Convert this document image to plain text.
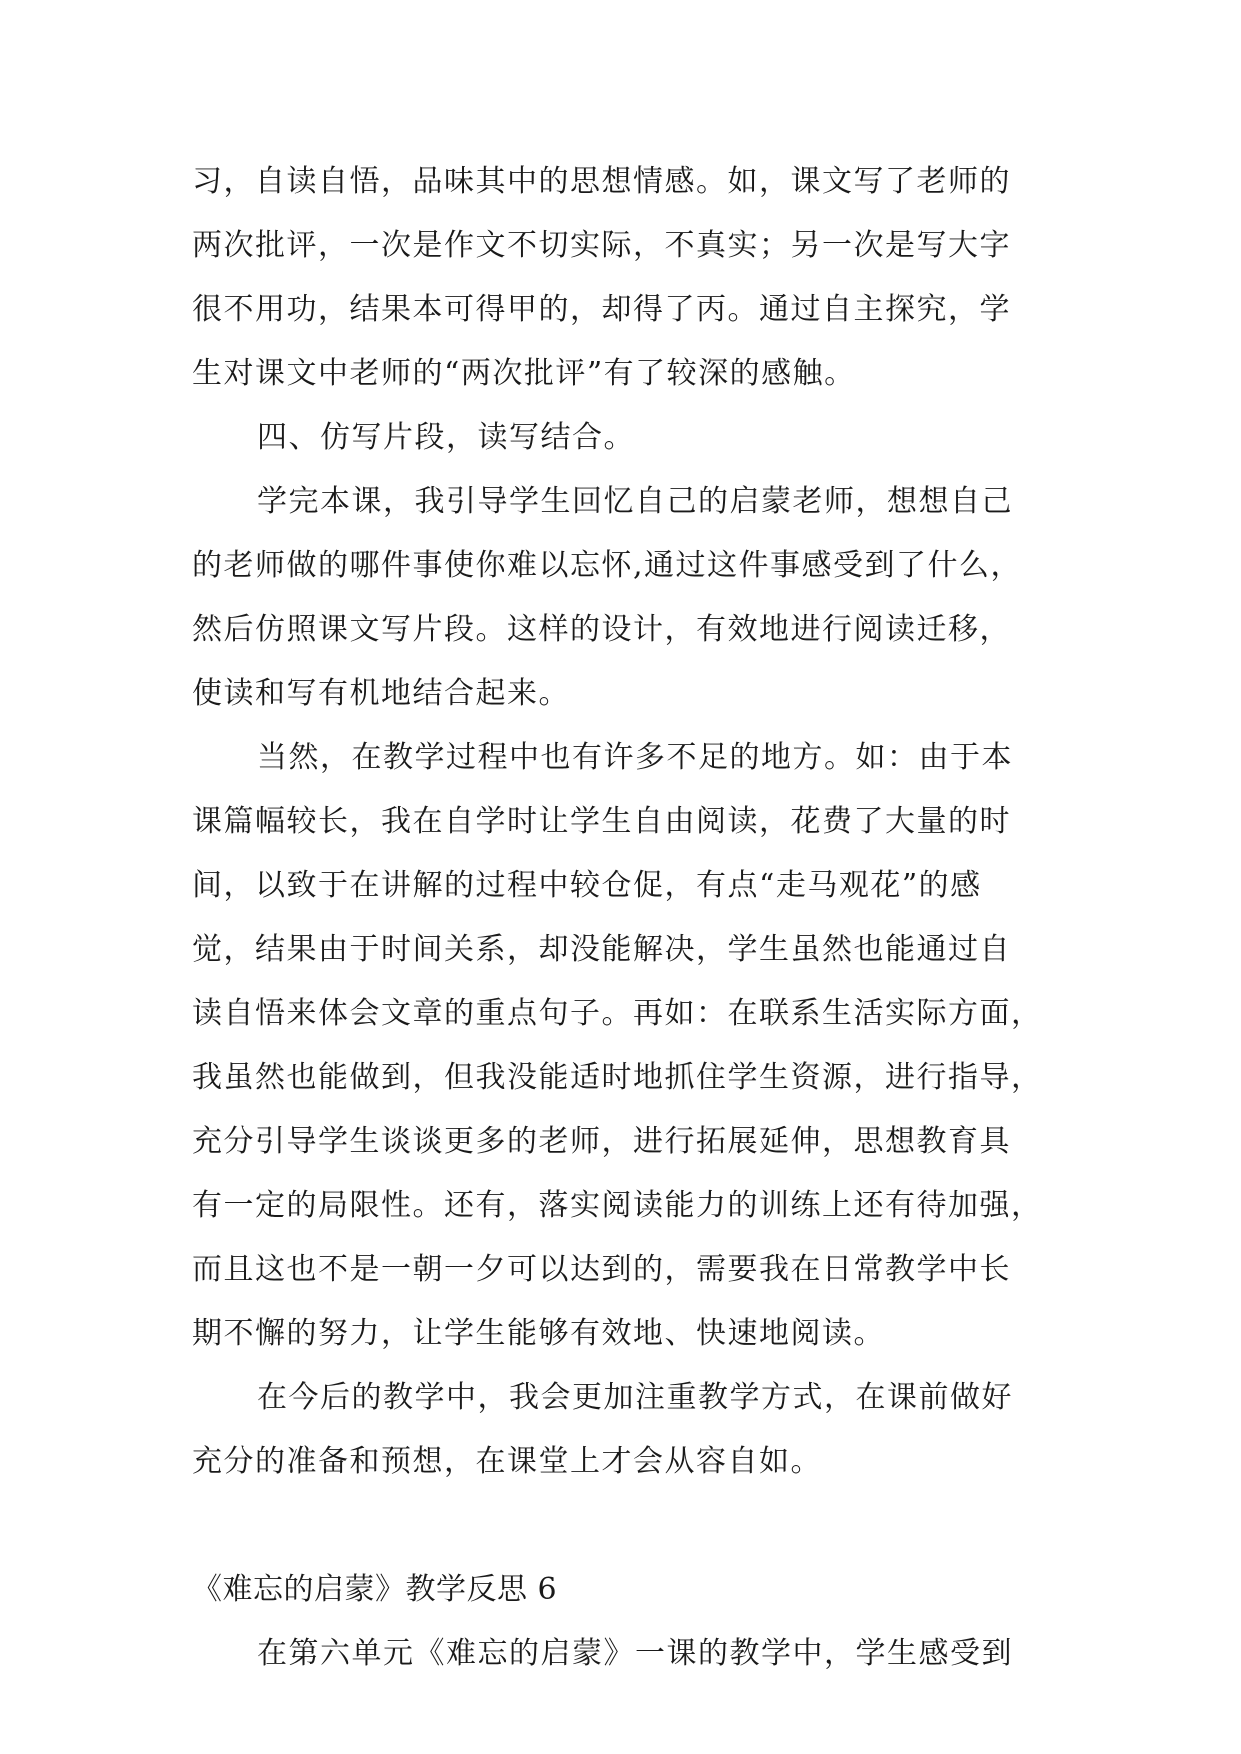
习，自读自悟，品味其中的思想情感。如，课文写了老师的
两次批评，一次是作文不切实际，不真实；另一次是写大字
很不用功，结果本可得甲的，却得了丙。通过自主探究，学
生对课文中老师的“两次批评”有了较深的感触。
四、仿写片段，读写结合。
学完本课，我引导学生回忆自己的启蒙老师，想想自己
的老师做的哪件事使你难以忘怀,通过这件事感受到了什么，
然后仿照课文写片段。这样的设计，有效地进行阅读迁移，
使读和写有机地结合起来。
当然，在教学过程中也有许多不足的地方。如：由于本
课篇幅较长，我在自学时让学生自由阅读，花费了大量的时
间，以致于在讲解的过程中较仓促，有点“走马观花”的感
觉，结果由于时间关系，却没能解决，学生虽然也能通过自
读自悟来体会文章的重点句子。再如：在联系生活实际方面，
我虽然也能做到，但我没能适时地抓住学生资源，进行指导，
充分引导学生谈谈更多的老师，进行拓展延伸，思想教育具
有一定的局限性。还有，落实阅读能力的训练上还有待加强，
而且这也不是一朝一夕可以达到的，需要我在日常教学中长
期不懈的努力，让学生能够有效地、快速地阅读。
在今后的教学中，我会更加注重教学方式，在课前做好
充分的准备和预想，在课堂上才会从容自如。
《难忘的启蒙》教学反思 6
在第六单元《难忘的启蒙》一课的教学中，学生感受到
